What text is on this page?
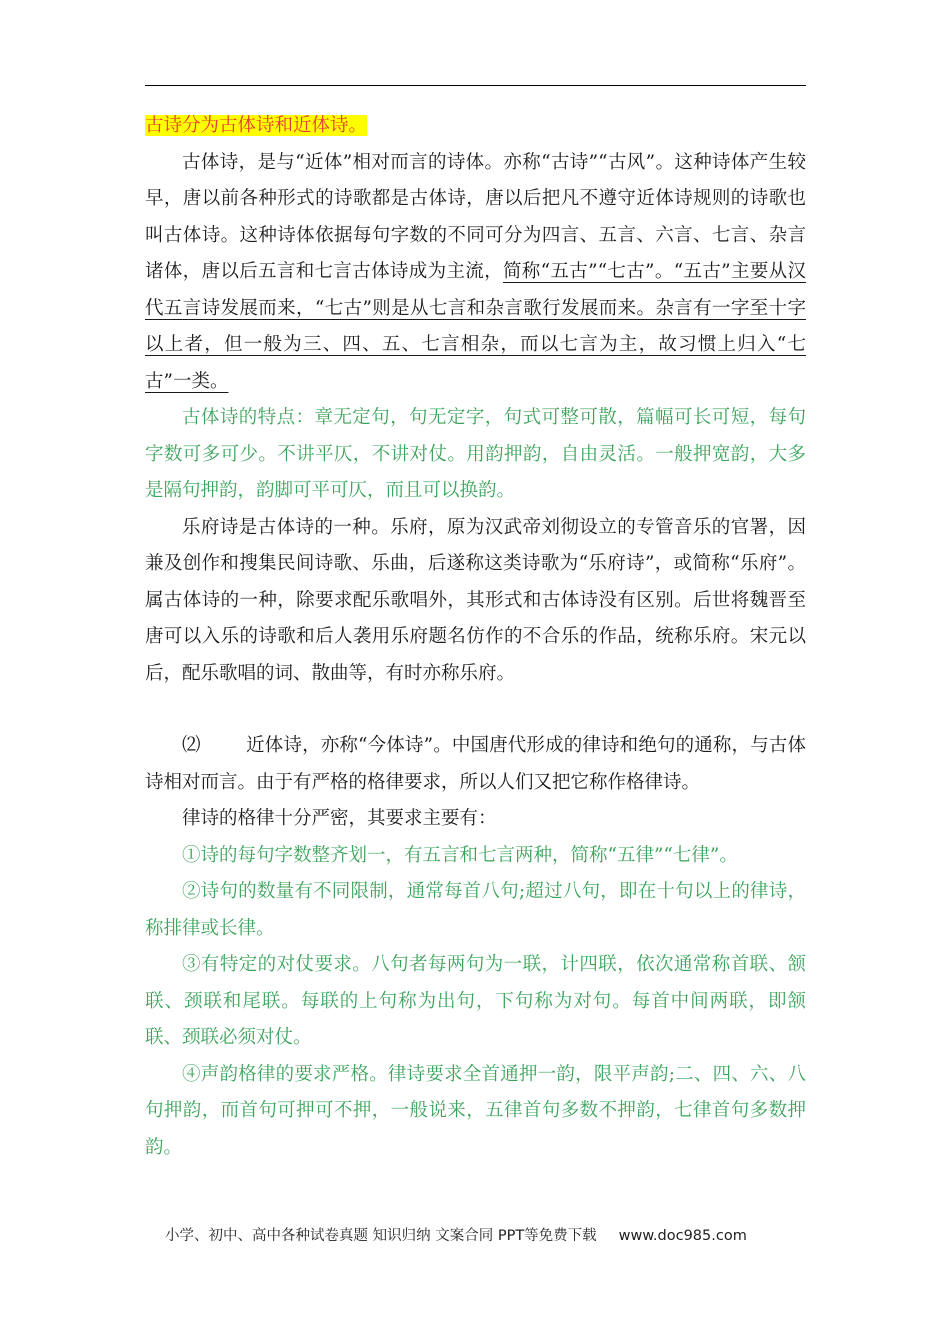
古诗分为古体诗和近体诗。

古体诗，是与“近体”相对而言的诗体。亦称“古诗”“古风”。这种诗体产生较早，唐以前各种形式的诗歌都是古体诗，唐以后把凡不遵守近体诗规则的诗歌也叫古体诗。这种诗体依据每句字数的不同可分为四言、五言、六言、七言、杂言诸体，唐以后五言和七言古体诗成为主流，简称“五古”“七古”。“五古”主要从汉代五言诗发展而来，“七古”则是从七言和杂言歌行发展而来。杂言有一字至十字以上者，但一般为三、四、五、七言相杂，而以七言为主，故习惯上归入“七古”一类。

古体诗的特点：章无定句，句无定字，句式可整可散，篇幅可长可短，每句字数可多可少。不讲平仄，不讲对仗。用韵押韵，自由灵活。一般押宽韵，大多是隔句押韵，韵脚可平可仄，而且可以换韵。

乐府诗是古体诗的一种。乐府，原为汉武帝刘彻设立的专管音乐的官署，因兼及创作和搜集民间诗歌、乐曲，后遂称这类诗歌为“乐府诗”，或简称“乐府”。属古体诗的一种，除要求配乐歌唱外，其形式和古体诗没有区别。后世将魏晋至唐可以入乐的诗歌和后人袭用乐府题名仿作的不合乐的作品，统称乐府。宋元以后，配乐歌唱的词、散曲等，有时亦称乐府。

⑵ 近体诗，亦称“今体诗”。中国唐代形成的律诗和绝句的通称，与古体诗相对而言。由于有严格的格律要求，所以人们又把它称作格律诗。

律诗的格律十分严密，其要求主要有：

①诗的每句字数整齐划一，有五言和七言两种，简称“五律”“七律”。

②诗句的数量有不同限制，通常每首八句;超过八句，即在十句以上的律诗，称排律或长律。

③有特定的对仗要求。八句者每两句为一联，计四联，依次通常称首联、颔联、颈联和尾联。每联的上句称为出句，下句称为对句。每首中间两联，即颔联、颈联必须对仗。

④声韵格律的要求严格。律诗要求全首通押一韵，限平声韵;二、四、六、八句押韵，而首句可押可不押，一般说来，五律首句多数不押韵，七律首句多数押韵。

小学、初中、高中各种试卷真题 知识归纳 文案合同 PPT等免费下载 www.doc985.com
